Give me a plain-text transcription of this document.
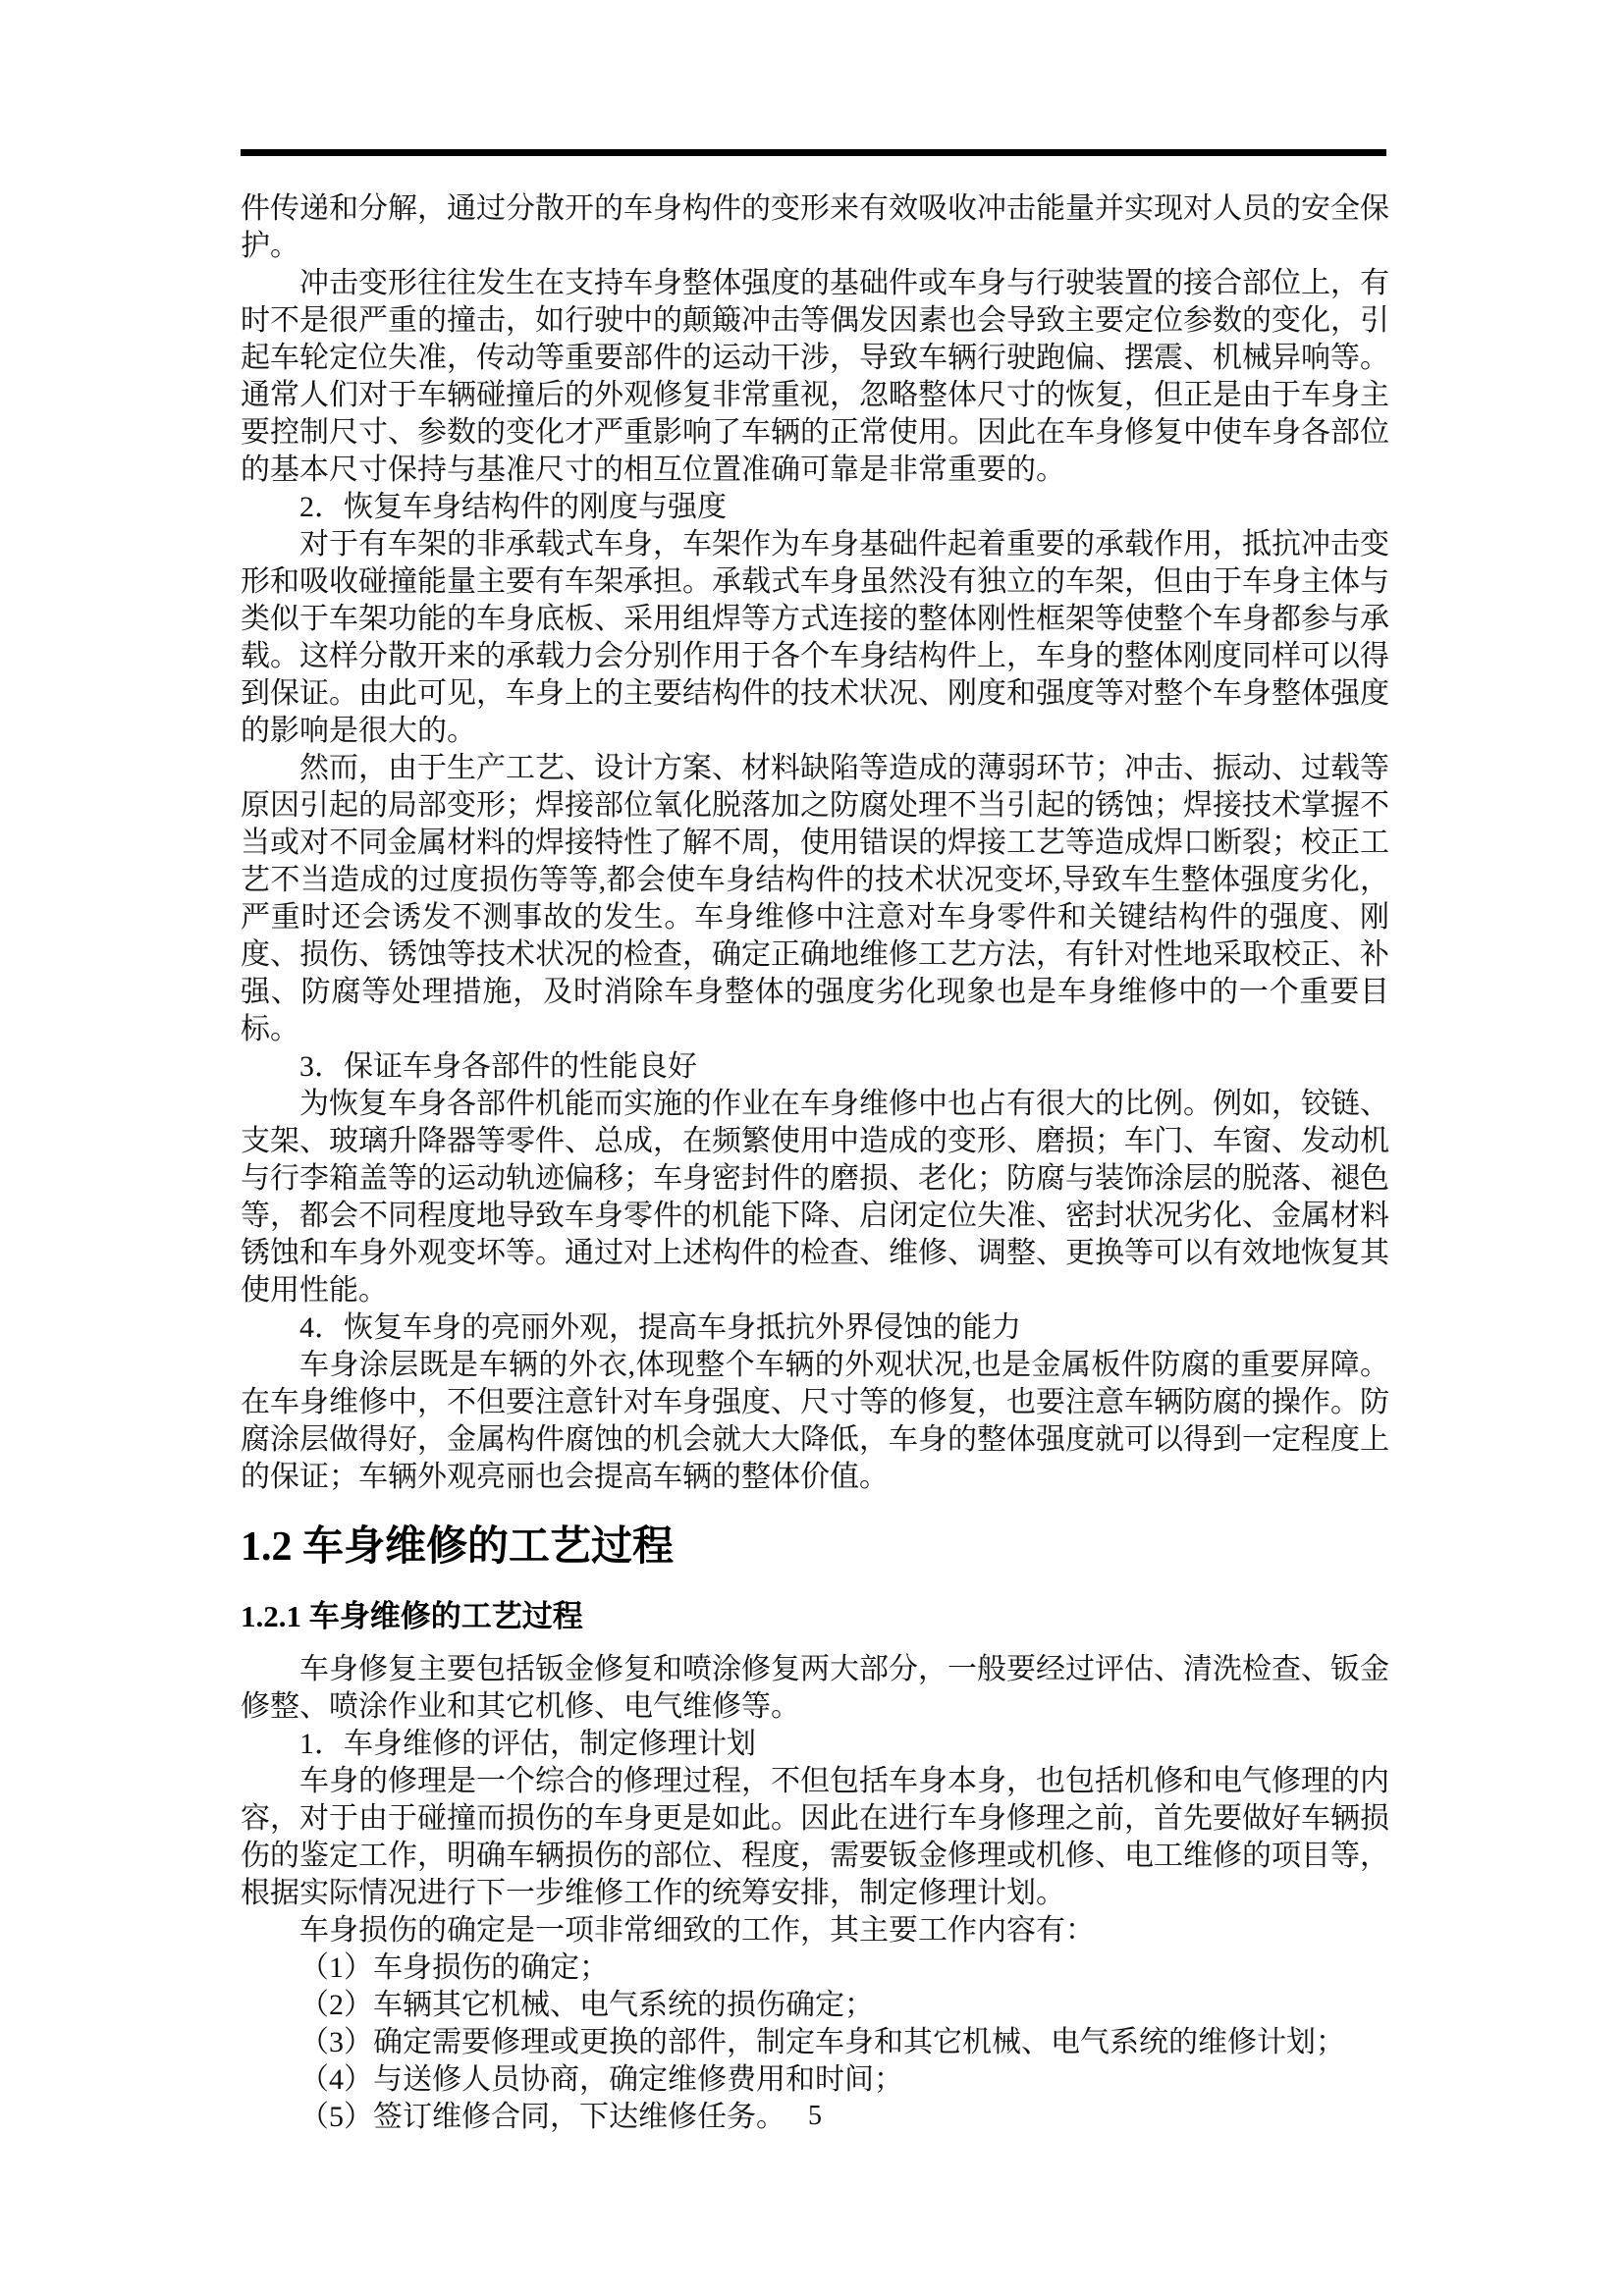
件传递和分解，通过分散开的车身构件的变形来有效吸收冲击能量并实现对人员的安全保护。

冲击变形往往发生在支持车身整体强度的基础件或车身与行驶装置的接合部位上，有时不是很严重的撞击，如行驶中的颠簸冲击等偶发因素也会导致主要定位参数的变化，引起车轮定位失准，传动等重要部件的运动干涉，导致车辆行驶跑偏、摆震、机械异响等。通常人们对于车辆碰撞后的外观修复非常重视，忽略整体尺寸的恢复，但正是由于车身主要控制尺寸、参数的变化才严重影响了车辆的正常使用。因此在车身修复中使车身各部位的基本尺寸保持与基准尺寸的相互位置准确可靠是非常重要的。

2．恢复车身结构件的刚度与强度

对于有车架的非承载式车身，车架作为车身基础件起着重要的承载作用，抵抗冲击变形和吸收碰撞能量主要有车架承担。承载式车身虽然没有独立的车架，但由于车身主体与类似于车架功能的车身底板、采用组焊等方式连接的整体刚性框架等使整个车身都参与承载。这样分散开来的承载力会分别作用于各个车身结构件上，车身的整体刚度同样可以得到保证。由此可见，车身上的主要结构件的技术状况、刚度和强度等对整个车身整体强度的影响是很大的。

然而，由于生产工艺、设计方案、材料缺陷等造成的薄弱环节；冲击、振动、过载等原因引起的局部变形；焊接部位氧化脱落加之防腐处理不当引起的锈蚀；焊接技术掌握不当或对不同金属材料的焊接特性了解不周，使用错误的焊接工艺等造成焊口断裂；校正工艺不当造成的过度损伤等等,都会使车身结构件的技术状况变坏,导致车生整体强度劣化，严重时还会诱发不测事故的发生。车身维修中注意对车身零件和关键结构件的强度、刚度、损伤、锈蚀等技术状况的检查，确定正确地维修工艺方法，有针对性地采取校正、补强、防腐等处理措施，及时消除车身整体的强度劣化现象也是车身维修中的一个重要目标。

3．保证车身各部件的性能良好

为恢复车身各部件机能而实施的作业在车身维修中也占有很大的比例。例如，铰链、支架、玻璃升降器等零件、总成，在频繁使用中造成的变形、磨损；车门、车窗、发动机与行李箱盖等的运动轨迹偏移；车身密封件的磨损、老化；防腐与装饰涂层的脱落、褪色等，都会不同程度地导致车身零件的机能下降、启闭定位失准、密封状况劣化、金属材料锈蚀和车身外观变坏等。通过对上述构件的检查、维修、调整、更换等可以有效地恢复其使用性能。

4．恢复车身的亮丽外观，提高车身抵抗外界侵蚀的能力

车身涂层既是车辆的外衣,体现整个车辆的外观状况,也是金属板件防腐的重要屏障。在车身维修中，不但要注意针对车身强度、尺寸等的修复，也要注意车辆防腐的操作。防腐涂层做得好，金属构件腐蚀的机会就大大降低，车身的整体强度就可以得到一定程度上的保证；车辆外观亮丽也会提高车辆的整体价值。

1.2 车身维修的工艺过程
1.2.1 车身维修的工艺过程

车身修复主要包括钣金修复和喷涂修复两大部分，一般要经过评估、清洗检查、钣金修整、喷涂作业和其它机修、电气维修等。

1．车身维修的评估，制定修理计划

车身的修理是一个综合的修理过程，不但包括车身本身，也包括机修和电气修理的内容，对于由于碰撞而损伤的车身更是如此。因此在进行车身修理之前，首先要做好车辆损伤的鉴定工作，明确车辆损伤的部位、程度，需要钣金修理或机修、电工维修的项目等，根据实际情况进行下一步维修工作的统筹安排，制定修理计划。

车身损伤的确定是一项非常细致的工作，其主要工作内容有：

（1）车身损伤的确定；

（2）车辆其它机械、电气系统的损伤确定；

（3）确定需要修理或更换的部件，制定车身和其它机械、电气系统的维修计划；

（4）与送修人员协商，确定维修费用和时间；

（5）签订维修合同，下达维修任务。 5
